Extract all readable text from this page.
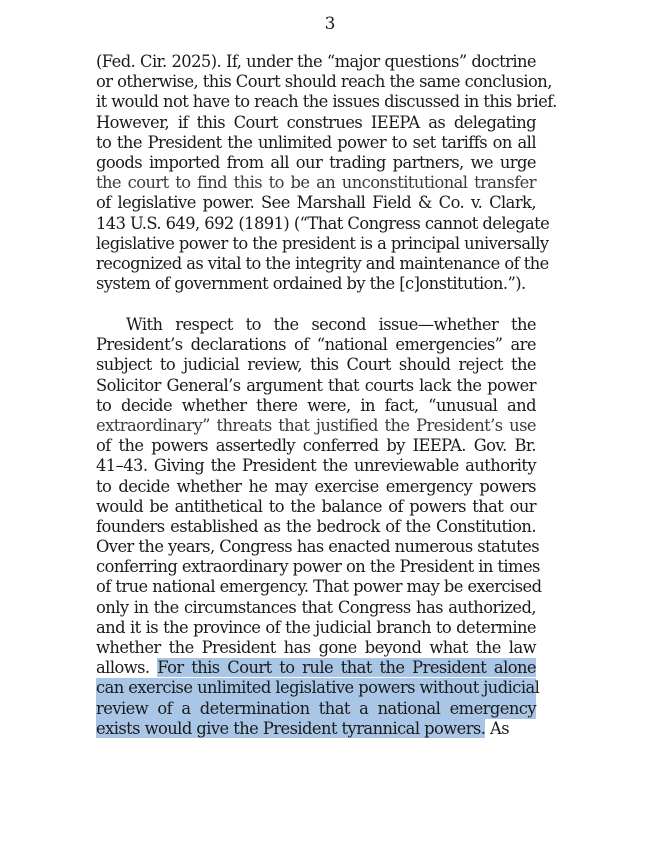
3
(Fed. Cir. 2025). If, under the “major questions” doctrine
or otherwise, this Court should reach the same conclusion,
it would not have to reach the issues discussed in this brief.
However, if this Court construes IEEPA as delegating
to the President the unlimited power to set tariffs on all
goods imported from all our trading partners, we urge
the court to find this to be an unconstitutional transfer
of legislative power. See Marshall Field & Co. v. Clark,
143 U.S. 649, 692 (1891) (“That Congress cannot delegate
legislative power to the president is a principal universally
recognized as vital to the integrity and maintenance of the
system of government ordained by the [c]onstitution.”).
With respect to the second issue—whether the
President’s declarations of “national emergencies” are
subject to judicial review, this Court should reject the
Solicitor General’s argument that courts lack the power
to decide whether there were, in fact, “unusual and
extraordinary” threats that justified the President’s use
of the powers assertedly conferred by IEEPA. Gov. Br.
41–43. Giving the President the unreviewable authority
to decide whether he may exercise emergency powers
would be antithetical to the balance of powers that our
founders established as the bedrock of the Constitution.
Over the years, Congress has enacted numerous statutes
conferring extraordinary power on the President in times
of true national emergency. That power may be exercised
only in the circumstances that Congress has authorized,
and it is the province of the judicial branch to determine
whether the President has gone beyond what the law
allows. For this Court to rule that the President alone
can exercise unlimited legislative powers without judicial
review of a determination that a national emergency
exists would give the President tyrannical powers. As
